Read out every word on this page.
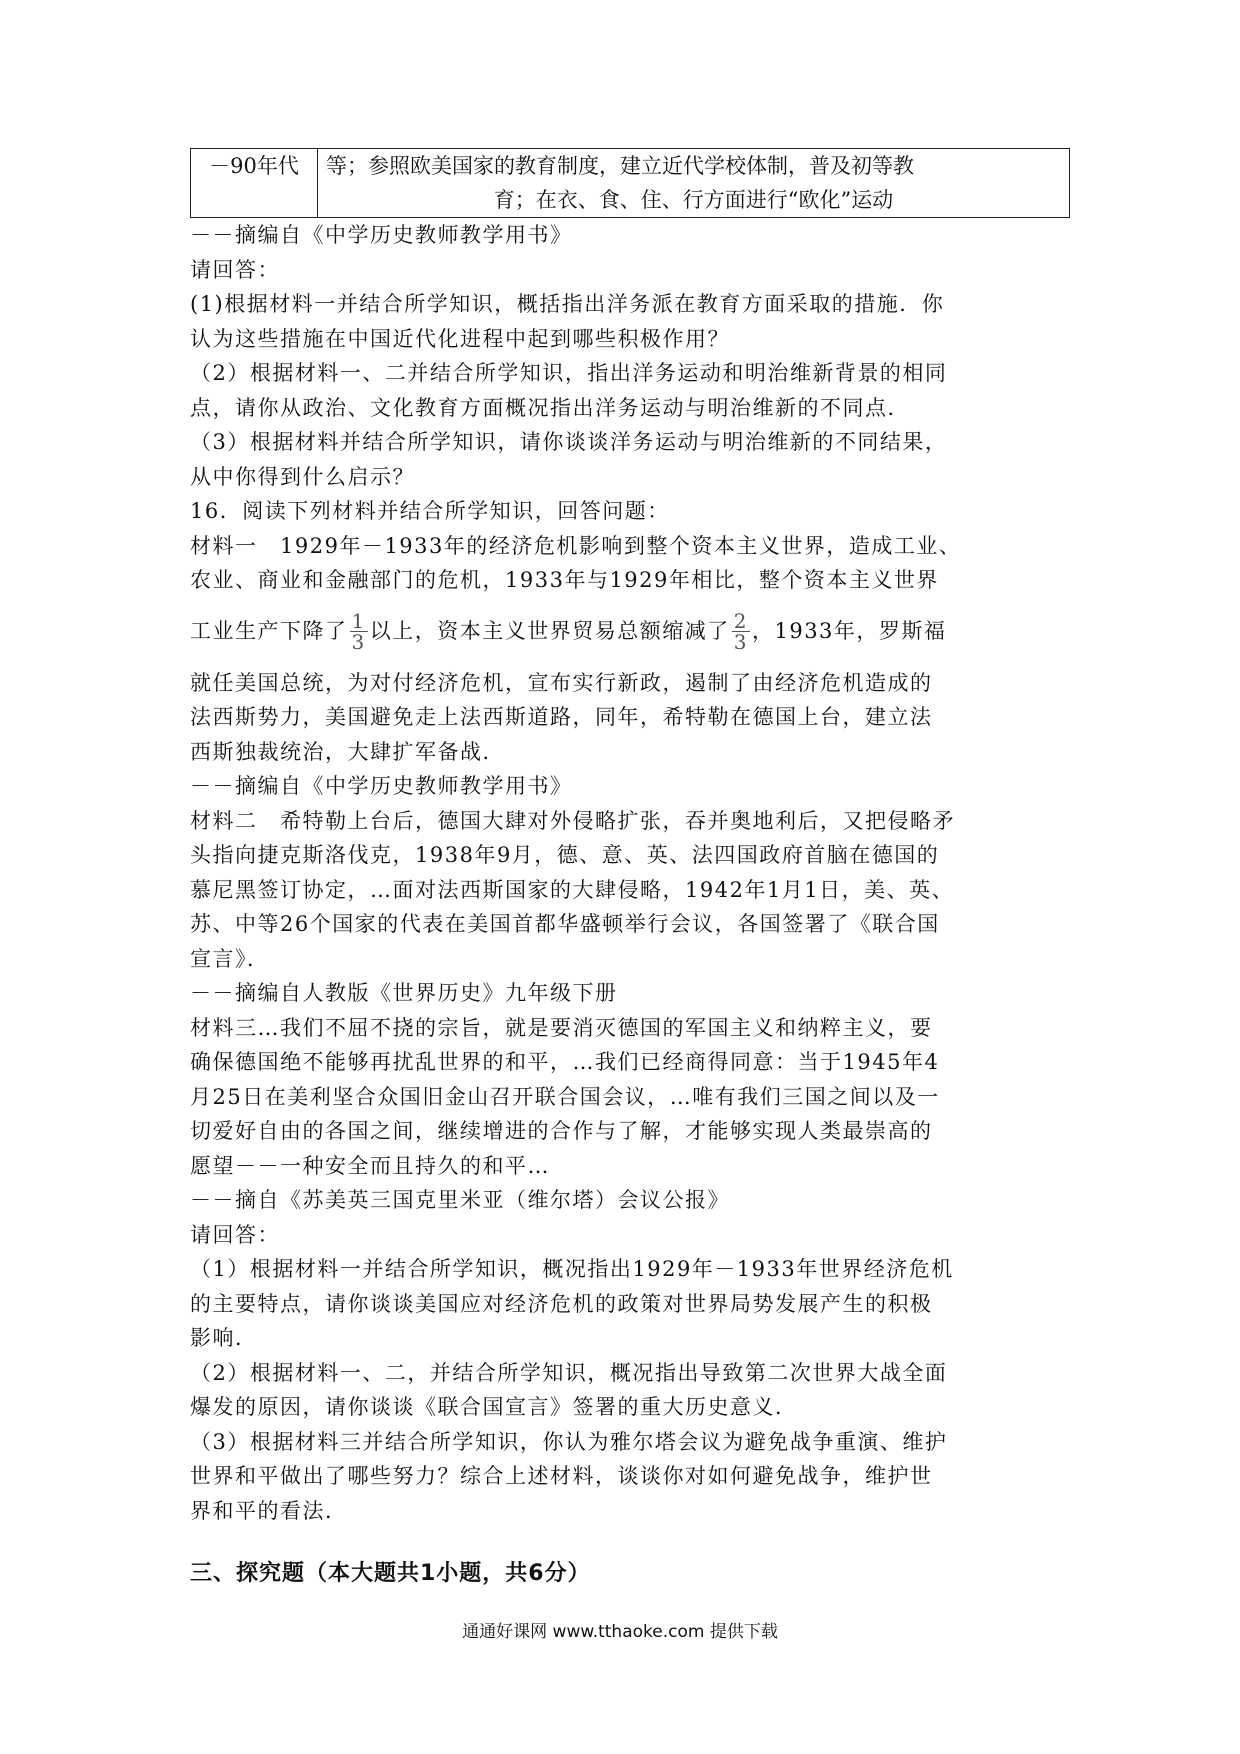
－90年代	等；参照欧美国家的教育制度，建立近代学校体制，普及初等教
育；在衣、食、住、行方面进行“欧化”运动

－－摘编自《中学历史教师教学用书》

请回答：

(1)根据材料一并结合所学知识，概括指出洋务派在教育方面采取的措施．你

认为这些措施在中国近代化进程中起到哪些积极作用？

（2）根据材料一、二并结合所学知识，指出洋务运动和明治维新背景的相同

点，请你从政治、文化教育方面概况指出洋务运动与明治维新的不同点．

（3）根据材料并结合所学知识，请你谈谈洋务运动与明治维新的不同结果，

从中你得到什么启示？

16．阅读下列材料并结合所学知识，回答问题：

材料一　1929年－1933年的经济危机影响到整个资本主义世界，造成工业、

农业、商业和金融部门的危机，1933年与1929年相比，整个资本主义世界

工业生产下降了 $\frac{1}{3}$ 以上，资本主义世界贸易总额缩减了 $\frac{2}{3}$ ，1933年，罗斯福

就任美国总统，为对付经济危机，宣布实行新政，遏制了由经济危机造成的

法西斯势力，美国避免走上法西斯道路，同年，希特勒在德国上台，建立法

西斯独裁统治，大肆扩军备战．

－－摘编自《中学历史教师教学用书》

材料二　希特勒上台后，德国大肆对外侵略扩张，吞并奥地利后，又把侵略矛

头指向捷克斯洛伐克，1938年9月，德、意、英、法四国政府首脑在德国的

慕尼黑签订协定，…面对法西斯国家的大肆侵略，1942年1月1日，美、英、

苏、中等26个国家的代表在美国首都华盛顿举行会议，各国签署了《联合国

宣言》．

－－摘编自人教版《世界历史》九年级下册

材料三…我们不屈不挠的宗旨，就是要消灭德国的军国主义和纳粹主义，要

确保德国绝不能够再扰乱世界的和平，…我们已经商得同意：当于1945年4

月25日在美利坚合众国旧金山召开联合国会议，…唯有我们三国之间以及一

切爱好自由的各国之间，继续增进的合作与了解，才能够实现人类最崇高的

愿望－－一种安全而且持久的和平…

－－摘自《苏美英三国克里米亚（维尔塔）会议公报》

请回答：

（1）根据材料一并结合所学知识，概况指出1929年－1933年世界经济危机

的主要特点，请你谈谈美国应对经济危机的政策对世界局势发展产生的积极

影响．

（2）根据材料一、二，并结合所学知识，概况指出导致第二次世界大战全面

爆发的原因，请你谈谈《联合国宣言》签署的重大历史意义．

（3）根据材料三并结合所学知识，你认为雅尔塔会议为避免战争重演、维护

世界和平做出了哪些努力？综合上述材料，谈谈你对如何避免战争，维护世

界和平的看法．

三、探究题（本大题共1小题，共6分）

通通好课网 www.tthaoke.com 提供下载
